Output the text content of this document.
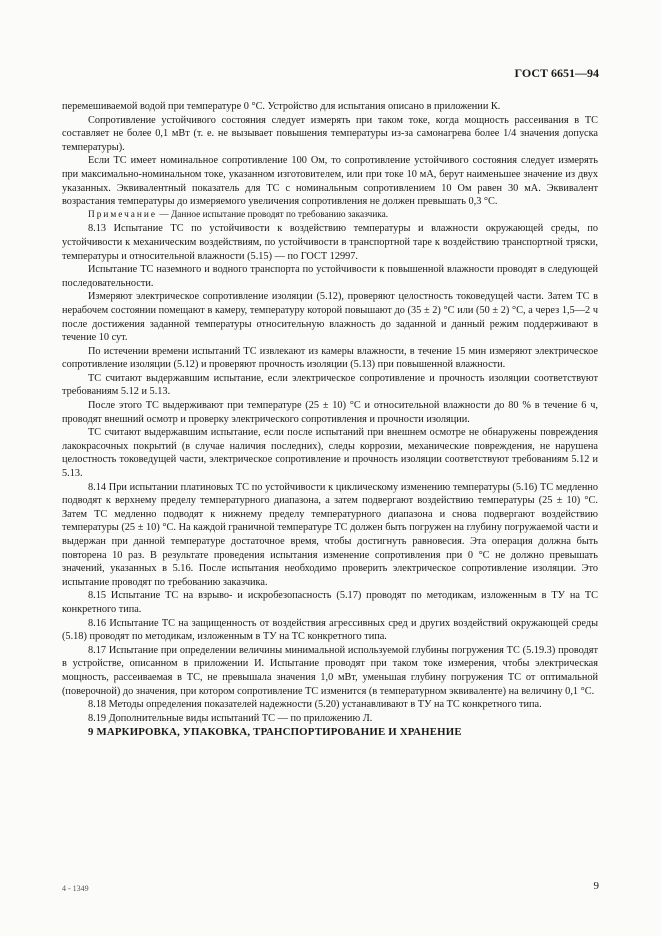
ГОСТ 6651—94

перемешиваемой водой при температуре 0 °С. Устройство для испытания описано в приложении К.

Сопротивление устойчивого состояния следует измерять при таком токе, когда мощность рассеивания в ТС составляет не более 0,1 мВт (т. е. не вызывает повышения температуры из-за самонагрева более 1/4 значения допуска температуры).

Если ТС имеет номинальное сопротивление 100 Ом, то сопротивление устойчивого состояния следует измерять при максимально-номинальном токе, указанном изготовителем, или при токе 10 мА, берут наименьшее значение из двух указанных. Эквивалентный показатель для ТС с номинальным сопротивлением 10 Ом равен 30 мА. Эквивалент возрастания температуры до измеряемого увеличения сопротивления не должен превышать 0,3 °С.

Примечание — Данное испытание проводят по требованию заказчика.

8.13 Испытание ТС по устойчивости к воздействию температуры и влажности окружающей среды, по устойчивости к механическим воздействиям, по устойчивости в транспортной таре к воздействию транспортной тряски, температуры и относительной влажности (5.15) — по ГОСТ 12997.

Испытание ТС наземного и водного транспорта по устойчивости к повышенной влажности проводят в следующей последовательности.

Измеряют электрическое сопротивление изоляции (5.12), проверяют целостность токоведущей части. Затем ТС в нерабочем состоянии помещают в камеру, температуру которой повышают до (35 ± 2) °С или (50 ± 2) °С, а через 1,5—2 ч после достижения заданной температуры относительную влажность до заданной и данный режим поддерживают в течение 10 сут.

По истечении времени испытаний ТС извлекают из камеры влажности, в течение 15 мин измеряют электрическое сопротивление изоляции (5.12) и проверяют прочность изоляции (5.13) при повышенной влажности.

ТС считают выдержавшим испытание, если электрическое сопротивление и прочность изоляции соответствуют требованиям 5.12 и 5.13.

После этого ТС выдерживают при температуре (25 ± 10) °С и относительной влажности до 80 % в течение 6 ч, проводят внешний осмотр и проверку электрического сопротивления и прочности изоляции.

ТС считают выдержавшим испытание, если после испытаний при внешнем осмотре не обнаружены повреждения лакокрасочных покрытий (в случае наличия последних), следы коррозии, механические повреждения, не нарушена целостность токоведущей части, электрическое сопротивление и прочность изоляции соответствуют требованиям 5.12 и 5.13.

8.14 При испытании платиновых ТС по устойчивости к циклическому изменению температуры (5.16) ТС медленно подводят к верхнему пределу температурного диапазона, а затем подвергают воздействию температуры (25 ± 10) °С. Затем ТС медленно подводят к нижнему пределу температурного диапазона и снова подвергают воздействию температуры (25 ± 10) °С. На каждой граничной температуре ТС должен быть погружен на глубину погружаемой части и выдержан при данной температуре достаточное время, чтобы достигнуть равновесия. Эта операция должна быть повторена 10 раз. В результате проведения испытания изменение сопротивления при 0 °С не должно превышать значений, указанных в 5.16. После испытания необходимо проверить электрическое сопротивление изоляции. Это испытание проводят по требованию заказчика.

8.15 Испытание ТС на взрыво- и искробезопасность (5.17) проводят по методикам, изложенным в ТУ на ТС конкретного типа.

8.16 Испытание ТС на защищенность от воздействия агрессивных сред и других воздействий окружающей среды (5.18) проводят по методикам, изложенным в ТУ на ТС конкретного типа.

8.17 Испытание при определении величины минимальной используемой глубины погружения ТС (5.19.3) проводят в устройстве, описанном в приложении И. Испытание проводят при таком токе измерения, чтобы электрическая мощность, рассеиваемая в ТС, не превышала значения 1,0 мВт, уменьшая глубину погружения ТС от оптимальной (поверочной) до значения, при котором сопротивление ТС изменится (в температурном эквиваленте) на величину 0,1 °С.

8.18 Методы определения показателей надежности (5.20) устанавливают в ТУ на ТС конкретного типа.

8.19 Дополнительные виды испытаний ТС — по приложению Л.

9 МАРКИРОВКА, УПАКОВКА, ТРАНСПОРТИРОВАНИЕ И ХРАНЕНИЕ

4 - 1349	9
